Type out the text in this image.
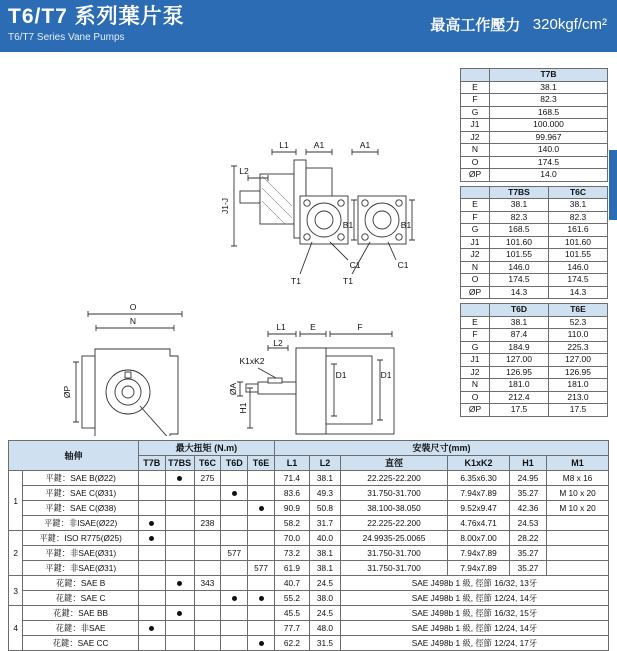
T6/T7 系列葉片泵
T6/T7 Series Vane Pumps
最高工作壓力 320kgf/cm²
L1	A1	A1
L2
B1	B1
C1	C1
T1	T1
O
N
L1	E	F
L2
K1xK2
D1
D1
J1-J
ØP	ØA
H1
	T7B
E	38.1
F	82.3
G	168.5
J1	100.000
J2	99.967
N	140.0
O	174.5
ØP	14.0
	T7BS	T6C
E	38.1	38.1
F	82.3	82.3
G	168.5	161.6
J1	101.60	101.60
J2	101.55	101.55
N	146.0	146.0
O	174.5	174.5
ØP	14.3	14.3
	T6D	T6E
E	38.1	52.3
F	87.4	110.0
G	184.9	225.3
J1	127.00	127.00
J2	126.95	126.95
N	181.0	181.0
O	212.4	213.0
ØP	17.5	17.5
轴伸		最大扭矩 (N.m)					安裝尺寸(mm)					
		T7B	T7BS	T6C	T6D	T6E	L1	L2	直徑	K1xK2	H1	M1
1	平鍵：SAE B(Ø22)			275			71.4	38.1	22.225-22.200	6.35x6.30	24.95	M8 x 16
	平鍵：SAE C(Ø31)						83.6	49.3	31.750-31.700	7.94x7.89	35.27	M 10 x 20
	平鍵：SAE C(Ø38)						90.9	50.8	38.100-38.050	9.52x9.47	42.36	M 10 x 20
	平鍵：非ISAE(Ø22)			238			58.2	31.7	22.225-22.200	4.76x4.71	24.53	
2	平鍵：ISO R775(Ø25)						70.0	40.0	24.9935-25.0065	8.00x7.00	28.22	
	平鍵：非SAE(Ø31)				577		73.2	38.1	31.750-31.700	7.94x7.89	35.27	
	平鍵：非SAE(Ø31)					577	61.9	38.1	31.750-31.700	7.94x7.89	35.27	
3	花鍵：SAE B			343			40.7	24.5	SAE J498b 1 級, 徑節 16/32, 13牙			
	花鍵：SAE C						55.2	38.0	SAE J498b 1 級, 徑節 12/24, 14牙			
4	花鍵：SAE BB						45.5	24.5	SAE J498b 1 級, 徑節 16/32, 15牙			
	花鍵：非SAE						77.7	48.0	SAE J498b 1 級, 徑節 12/24, 14牙			
	花鍵：SAE CC						62.2	31.5	SAE J498b 1 級, 徑節 12/24, 17牙			
